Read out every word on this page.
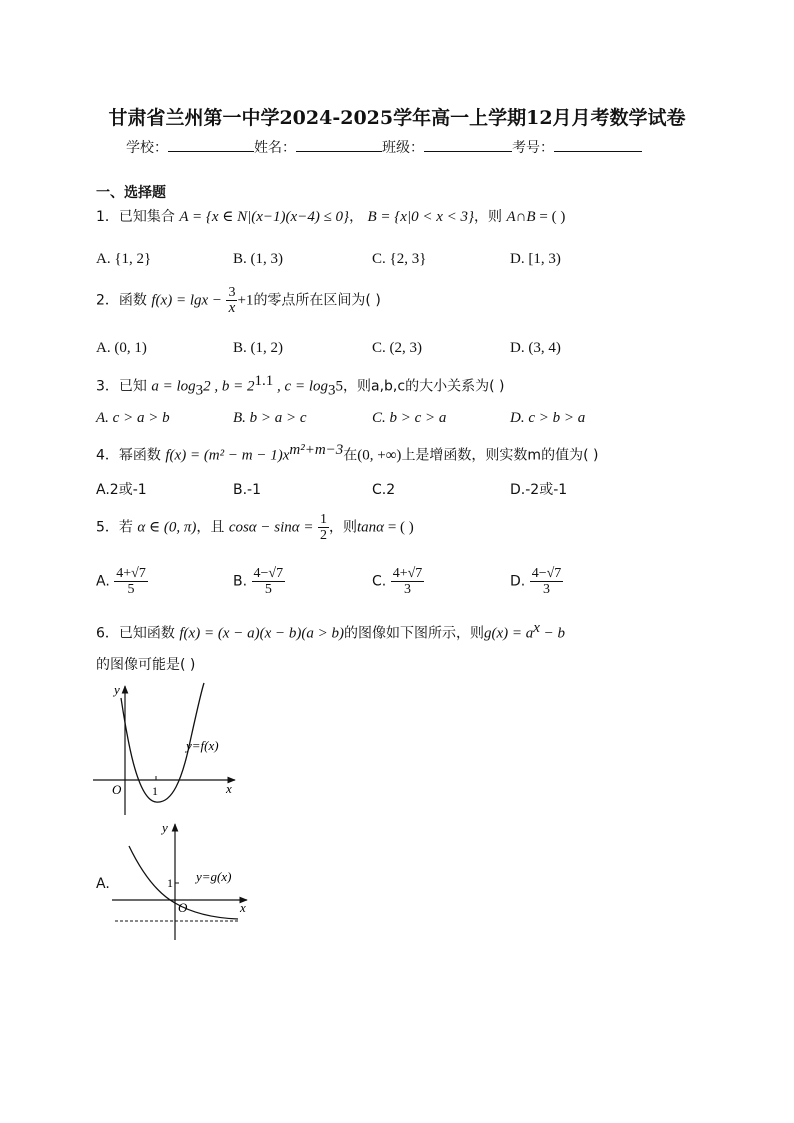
甘肃省兰州第一中学2024-2025学年高一上学期12月月考数学试卷
学校：	姓名：	班级：	考号：
一、选择题
1．已知集合 A = {x ∈ N|(x−1)(x−4) ≤ 0}， B = {x|0 < x < 3}，则 A∩B = ( )
A. {1, 2}	B. (1, 3)	C. {2, 3}	D. [1, 3)
2．函数 $f(x) = \lg x - \frac{3}{x} +1$的零点所在区间为( )
A. (0, 1)	B. (1, 2)	C. (2, 3)	D. (3, 4)
3．已知 $a = \log_32$ , $b = 2^{1.1}$ , $c = \log_35$，则a,b,c的大小关系为( )
A. c > a > b	B. b > a > c	C. b > c > a	D. c > b > a
4．幂函数 $f(x) = (m^2 - m - 1)x^{m^2+m-3}$在(0, +∞)上是增函数，则实数m的值为( )
A.2或-1	B.-1	C.2	D.-2或-1
5．若 α ∈ (0, π)，且 $\cos\alpha - \sin\alpha = \frac{1}{2}$ ，则tanα = ( )
A. $\frac{4+√7}{5}$	B. $\frac{4-√7}{5}$	C. $\frac{4+√7}{3}$	D. $\frac{4-√7}{3}$
6．已知函数 f(x) = (x − a)(x − b)(a > b)的图像如下图所示，则$g(x) = a^x - b$
的图像可能是( )
O	1
y
x
y=f(x)
A.	1
O
y
x
y=g(x)
